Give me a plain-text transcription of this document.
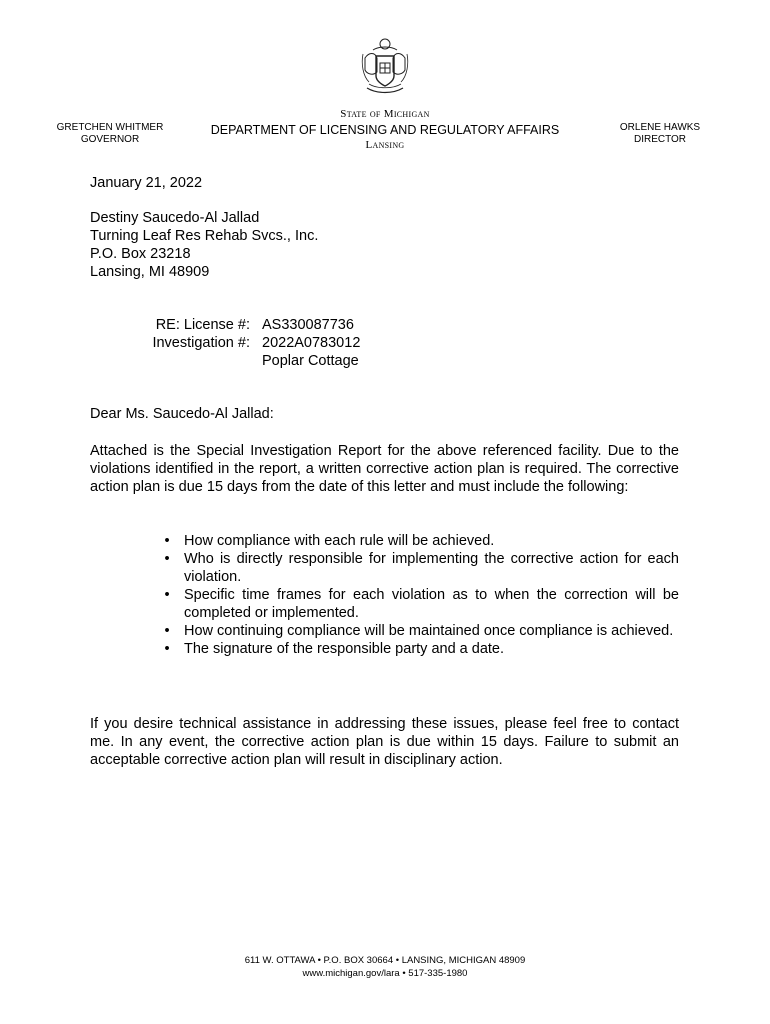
GRETCHEN WHITMER
GOVERNOR
State of Michigan
DEPARTMENT OF LICENSING AND REGULATORY AFFAIRS
Lansing
ORLENE HAWKS
DIRECTOR
January 21, 2022
Destiny Saucedo-Al Jallad
Turning Leaf Res Rehab Svcs., Inc.
P.O. Box 23218
Lansing, MI 48909
RE: License #:
Investigation #:
AS330087736
2022A0783012
Poplar Cottage
Dear Ms. Saucedo-Al Jallad:
Attached is the Special Investigation Report for the above referenced facility. Due to the violations identified in the report, a written corrective action plan is required. The corrective action plan is due 15 days from the date of this letter and must include the following:
• How compliance with each rule will be achieved.
• Who is directly responsible for implementing the corrective action for each violation.
• Specific time frames for each violation as to when the correction will be completed or implemented.
• How continuing compliance will be maintained once compliance is achieved.
• The signature of the responsible party and a date.
If you desire technical assistance in addressing these issues, please feel free to contact me. In any event, the corrective action plan is due within 15 days. Failure to submit an acceptable corrective action plan will result in disciplinary action.
611 W. OTTAWA • P.O. BOX 30664 • LANSING, MICHIGAN 48909
www.michigan.gov/lara • 517-335-1980
